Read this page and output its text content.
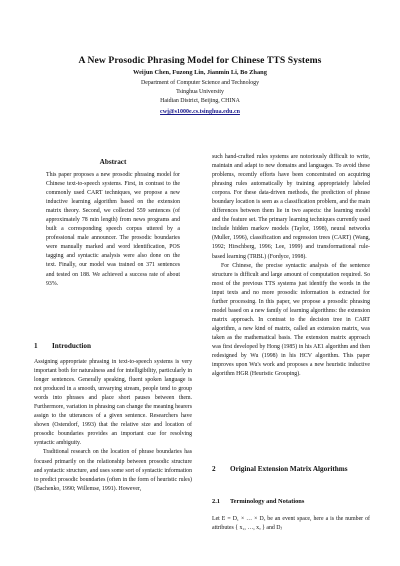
A New Prosodic Phrasing Model for Chinese TTS Systems
Weijun Chen, Fuzong Lin, Jianmin Li, Bo Zhang
Department of Computer Science and Technology
Tsinghua University
Haidian District, Beijing, CHINA
cwj@s1000e.cs.tsinghua.edu.cn
Abstract

This paper proposes a new prosodic phrasing model for Chinese text-to-speech systems. First, in contrast to the commonly used CART techniques, we propose a new inductive learning algorithm based on the extension matrix theory. Second, we collected 559 sentences (of approximately 78 min length) from news programs and built a corresponding speech corpus uttered by a professional male announcer. The prosodic boundaries were manually marked and word identification, POS tagging and syntactic analysis were also done on the text. Finally, our model was trained on 371 sentences and tested on 188. We achieved a success rate of about 93%.

1 Introduction

Assigning appropriate phrasing in text-to-speech systems is very important both for naturalness and for intelligibility, particularly in longer sentences. Generally speaking, fluent spoken language is not produced in a smooth, unvarying stream, people tend to group words into phrases and place short pauses between them. Furthermore, variation in phrasing can change the meaning hearers assign to the utterances of a given sentence. Researchers have shown (Ostendorf, 1993) that the relative size and location of prosodic boundaries provides an important cue for resolving syntactic ambiguity.

Traditional research on the location of phrase boundaries has focused primarily on the relationship between prosodic structure and syntactic structure, and uses some sort of syntactic information to predict prosodic boundaries (often in the form of heuristic rules) (Bachenko, 1990; Willemse, 1991). However,

such hand-crafted rules systems are notoriously difficult to write, maintain and adapt to new domains and languages. To avoid these problems, recently efforts have been concentrated on acquiring phrasing rules automatically by training appropriately labeled corpora. For these data-driven methods, the prediction of phrase boundary location is seen as a classification problem, and the main differences between them lie in two aspects: the learning model and the feature set. The primary learning techniques currently used include hidden markov models (Taylor, 1998), neural networks (Muller, 1996), classification and regression trees (CART) (Wang, 1992; Hirschberg, 1996; Lee, 1999) and transformational rule-based learning (TRBL) (Fordyce, 1998).

For Chinese, the precise syntactic analysis of the sentence structure is difficult and large amount of computation required. So most of the previous TTS systems just identify the words in the input texts and no more prosodic information is extracted for further processing. In this paper, we propose a prosodic phrasing model based on a new family of learning algorithms: the extension matrix approach. In contrast to the decision tree in CART algorithm, a new kind of matrix, called an extension matrix, was taken as the mathematical basis. The extension matrix approach was first developed by Hong (1985) in his AE1 algorithm and then redesigned by Wu (1998) in his HCV algorithm. This paper improves upon Wu's work and proposes a new heuristic inductive algorithm HGR (Heuristic Grouping).

2	Original Extension Matrix Algorithms
2.1 Terminology and Notations

Let E = D₁ × … × Dₐ be an event space, here a is the number of attributes { x₁, …, xₐ } and Dⱼ
